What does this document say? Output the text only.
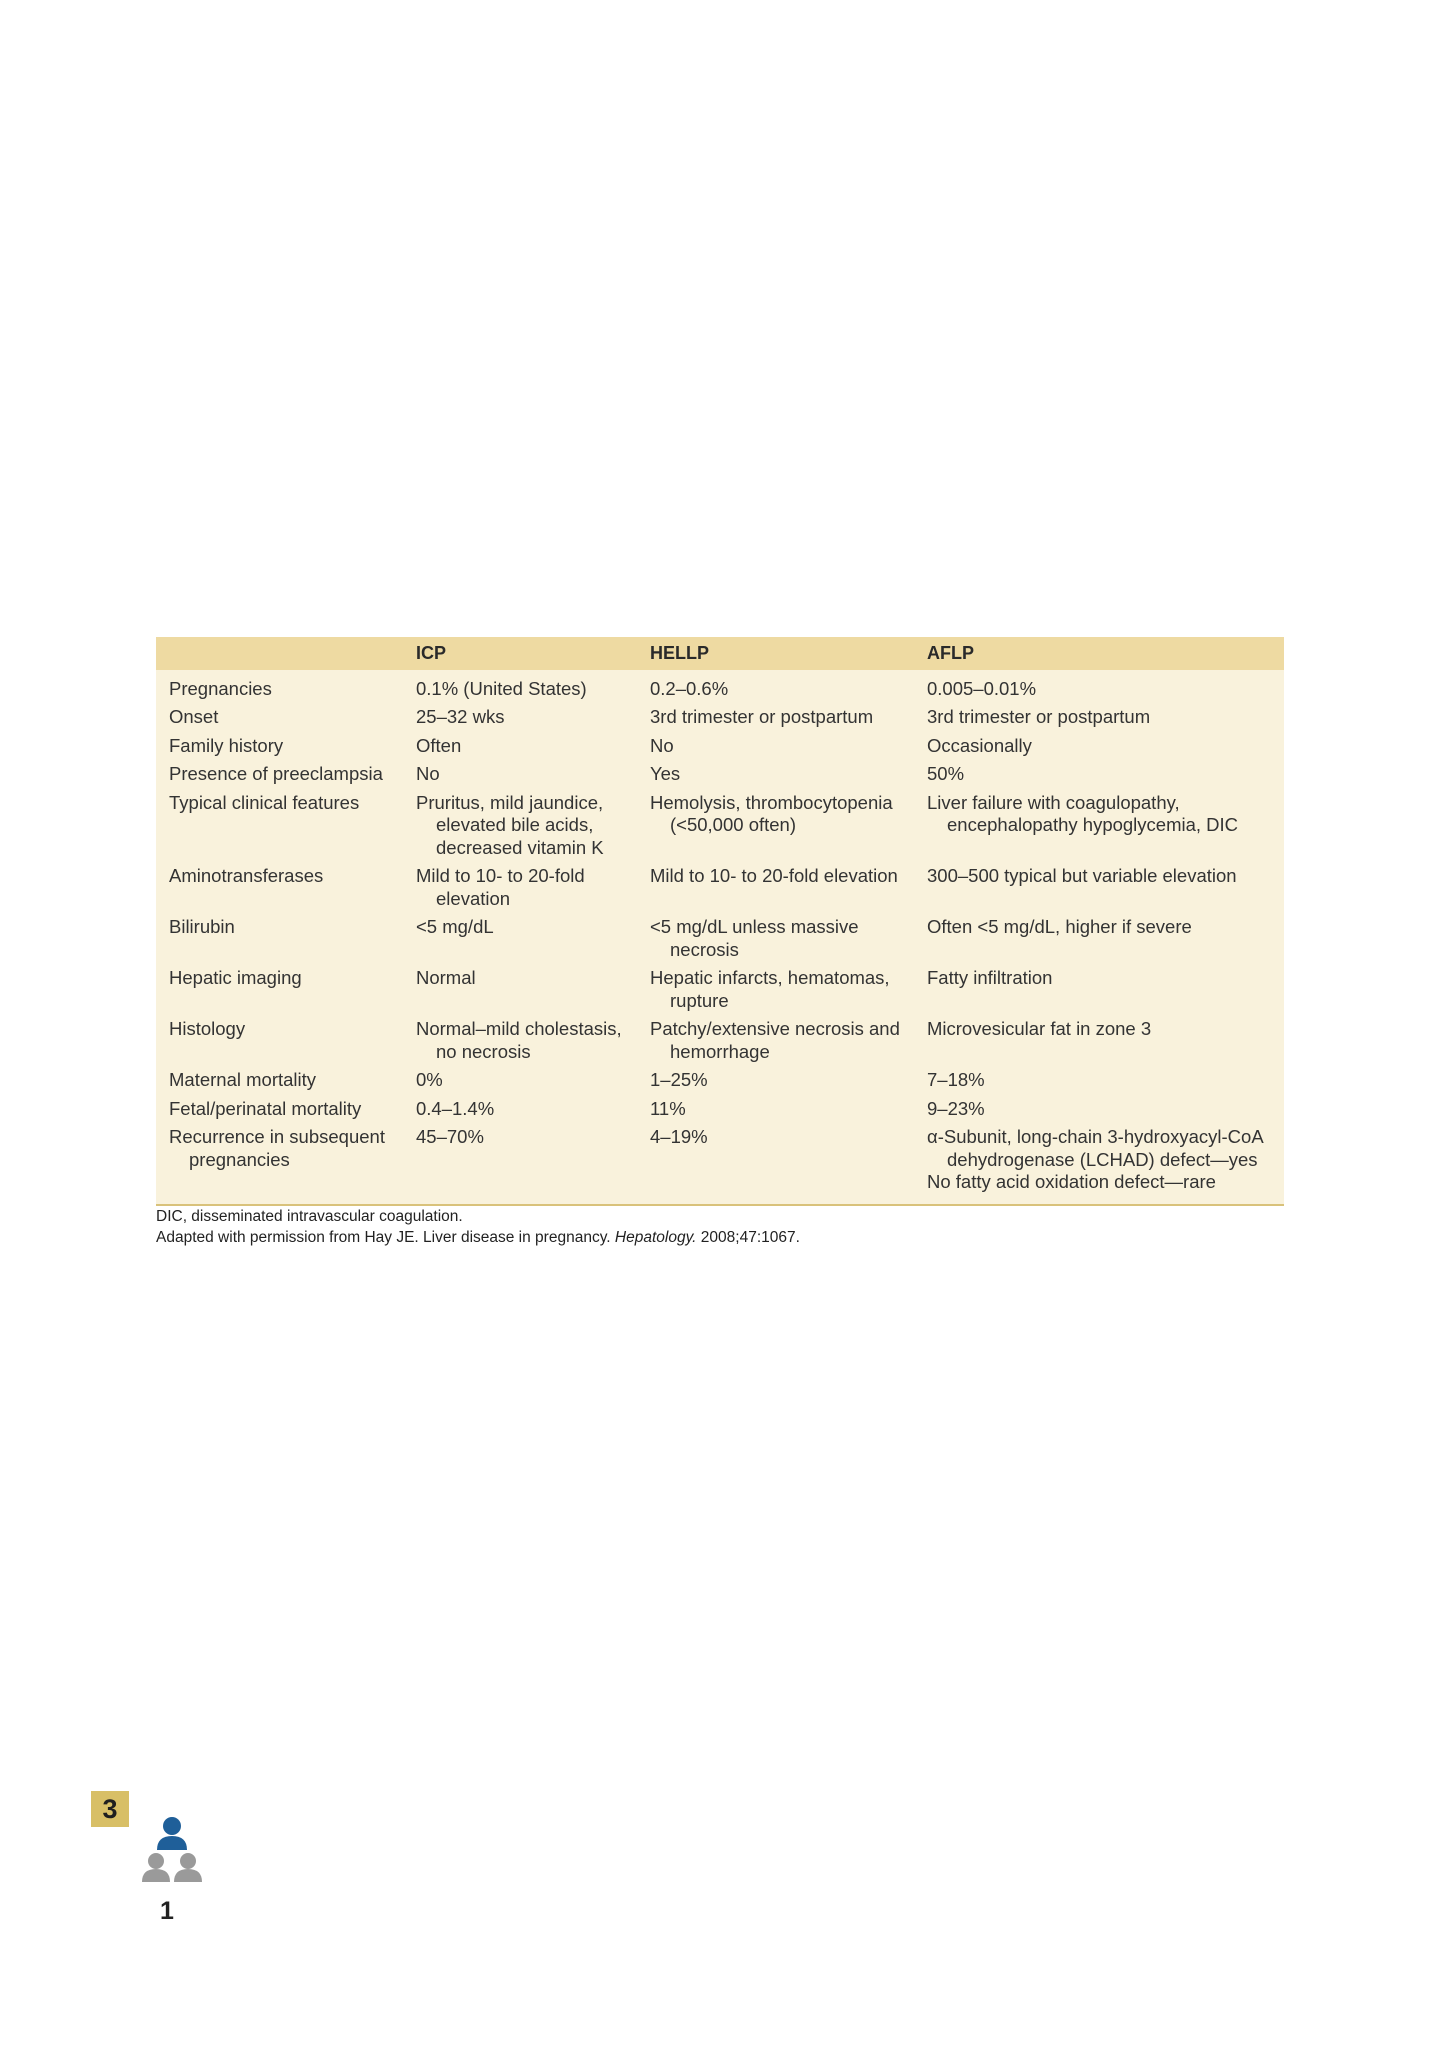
	ICP	HELLP	AFLP

Pregnancies	0.1% (United States)	0.2–0.6%	0.005–0.01%

Onset	25–32 wks	3rd trimester or postpartum	3rd trimester or postpartum

Family history	Often	No	Occasionally

Presence of preeclampsia	No	Yes	50%

Typical clinical features	Pruritus, mild jaundice, elevated bile acids, decreased vitamin K	Hemolysis, thrombocytopenia (<50,000 often)	Liver failure with coagulopathy, encephalopathy hypoglycemia, DIC

Aminotransferases	Mild to 10- to 20-fold elevation	Mild to 10- to 20-fold elevation	300–500 typical but variable elevation

Bilirubin	<5 mg/dL	<5 mg/dL unless massive necrosis	Often <5 mg/dL, higher if severe

Hepatic imaging	Normal	Hepatic infarcts, hematomas, rupture	Fatty infiltration

Histology	Normal–mild cholestasis, no necrosis	Patchy/extensive necrosis and hemorrhage	Microvesicular fat in zone 3

Maternal mortality	0%	1–25%	7–18%

Fetal/perinatal mortality	0.4–1.4%	11%	9–23%

Recurrence in subsequent pregnancies	45–70%	4–19%	α-Subunit, long-chain 3-hydroxyacyl-CoA dehydrogenase (LCHAD) defect—yes
No fatty acid oxidation defect—rare
DIC, disseminated intravascular coagulation.
Adapted with permission from Hay JE. Liver disease in pregnancy. Hepatology. 2008;47:1067.
3
1
